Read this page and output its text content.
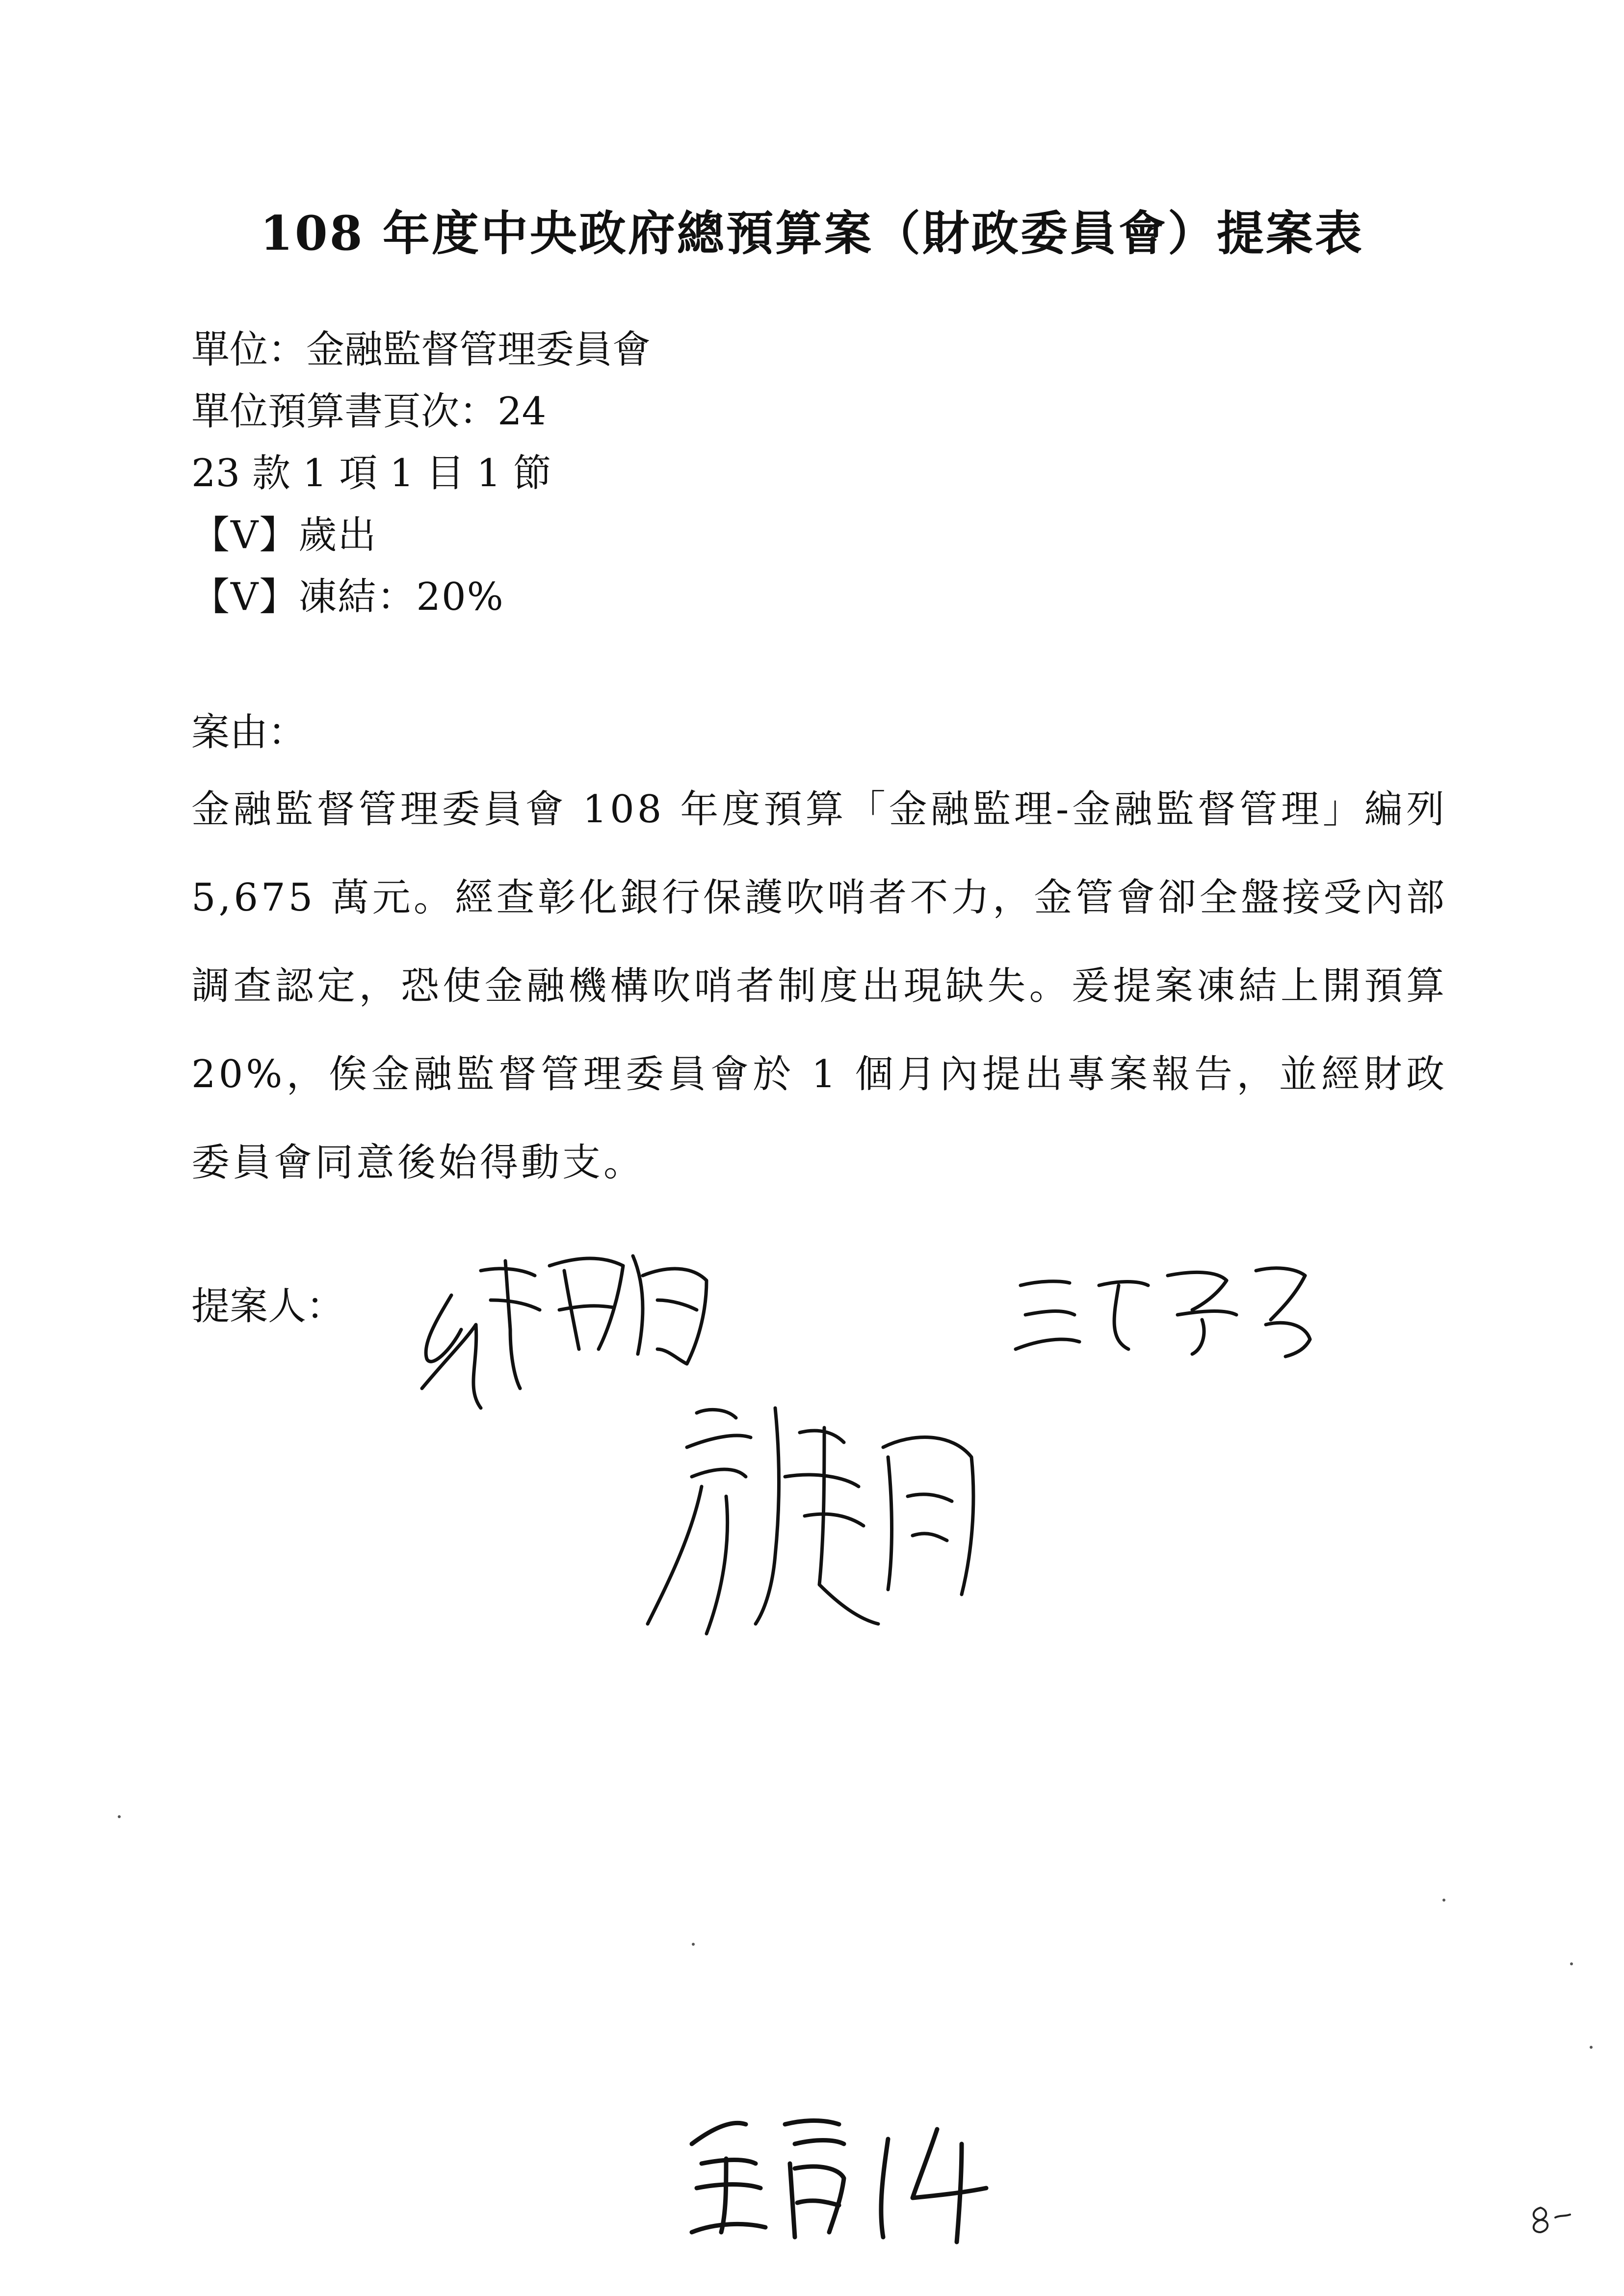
108 年度中央政府總預算案（財政委員會）提案表
單位：金融監督管理委員會
單位預算書頁次：24
23 款 1 項 1 目 1 節
【V】歲出
【V】凍結：20%
案由：
金融監督管理委員會 108 年度預算「金融監理-金融監督管理」編列5,675 萬元。經查彰化銀行保護吹哨者不力，金管會卻全盤接受內部調查認定，恐使金融機構吹哨者制度出現缺失。爰提案凍結上開預算20%，俟金融監督管理委員會於 1 個月內提出專案報告，並經財政委員會同意後始得動支。
提案人：
